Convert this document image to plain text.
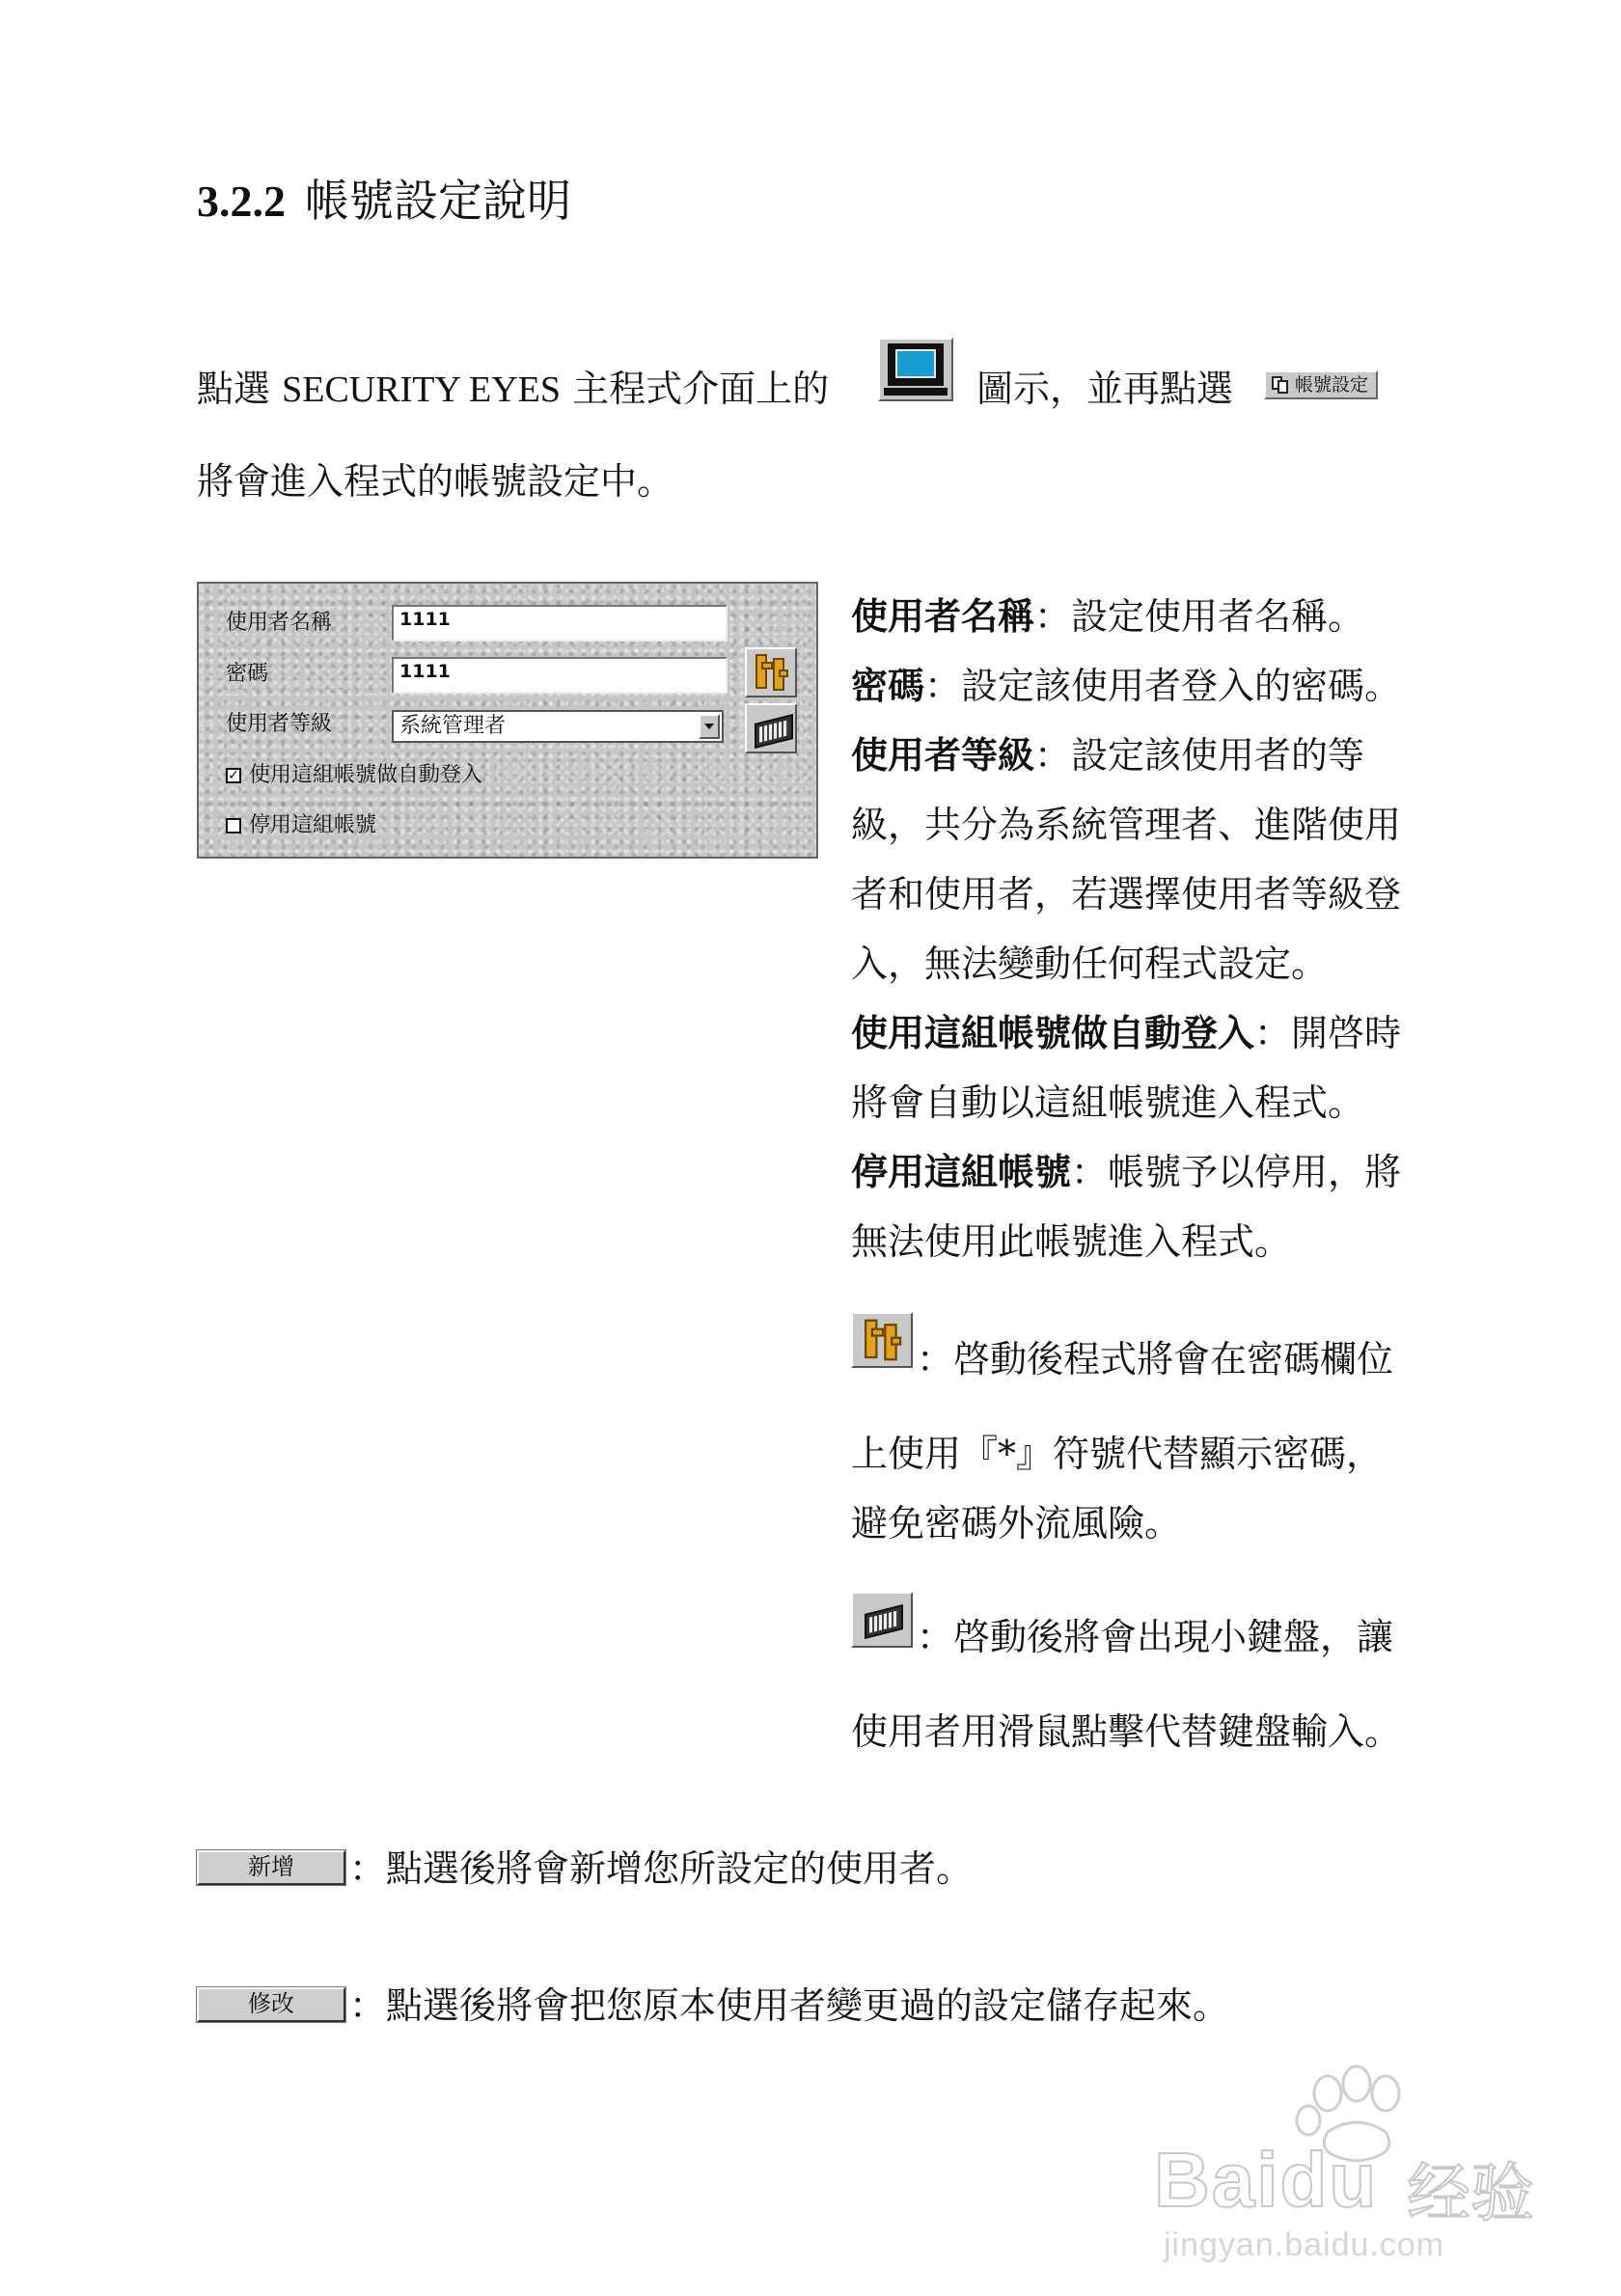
3.2.2 帳號設定說明
點選 SECURITY EYES 主程式介面上的	圖示，並再點選	帳號設定
將會進入程式的帳號設定中。
使用者名稱	1111
密碼	1111
使用者等級	系統管理者
✓ 使用這組帳號做自動登入
停用這組帳號
使用者名稱：設定使用者名稱。
密碼：設定該使用者登入的密碼。
使用者等級：設定該使用者的等
級，共分為系統管理者、進階使用
者和使用者，若選擇使用者等級登
入，無法變動任何程式設定。
使用這組帳號做自動登入：開啓時
將會自動以這組帳號進入程式。
停用這組帳號：帳號予以停用，將
無法使用此帳號進入程式。
：啓動後程式將會在密碼欄位
上使用『*』符號代替顯示密碼，
避免密碼外流風險。
：啓動後將會出現小鍵盤，讓
使用者用滑鼠點擊代替鍵盤輸入。
新增	：點選後將會新增您所設定的使用者。
修改	：點選後將會把您原本使用者變更過的設定儲存起來。
Baidu 经验
jingyan.baidu.com
